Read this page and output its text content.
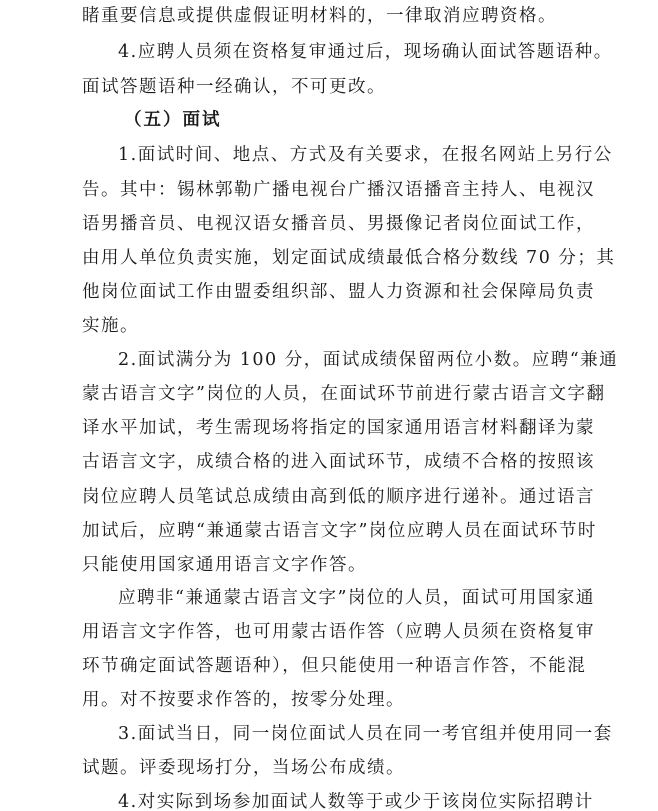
睹重要信息或提供虚假证明材料的，一律取消应聘资格。
4.应聘人员须在资格复审通过后，现场确认面试答题语种。
面试答题语种一经确认，不可更改。
（五）面试
1.面试时间、地点、方式及有关要求，在报名网站上另行公
告。其中：锡林郭勒广播电视台广播汉语播音主持人、电视汉
语男播音员、电视汉语女播音员、男摄像记者岗位面试工作，
由用人单位负责实施，划定面试成绩最低合格分数线 70 分；其
他岗位面试工作由盟委组织部、盟人力资源和社会保障局负责
实施。
2.面试满分为 100 分，面试成绩保留两位小数。应聘“兼通
蒙古语言文字”岗位的人员，在面试环节前进行蒙古语言文字翻
译水平加试，考生需现场将指定的国家通用语言材料翻译为蒙
古语言文字，成绩合格的进入面试环节，成绩不合格的按照该
岗位应聘人员笔试总成绩由高到低的顺序进行递补。通过语言
加试后，应聘“兼通蒙古语言文字”岗位应聘人员在面试环节时
只能使用国家通用语言文字作答。
应聘非“兼通蒙古语言文字”岗位的人员，面试可用国家通
用语言文字作答，也可用蒙古语作答（应聘人员须在资格复审
环节确定面试答题语种），但只能使用一种语言作答，不能混
用。对不按要求作答的，按零分处理。
3.面试当日，同一岗位面试人员在同一考官组并使用同一套
试题。评委现场打分，当场公布成绩。
4.对实际到场参加面试人数等于或少于该岗位实际招聘计
